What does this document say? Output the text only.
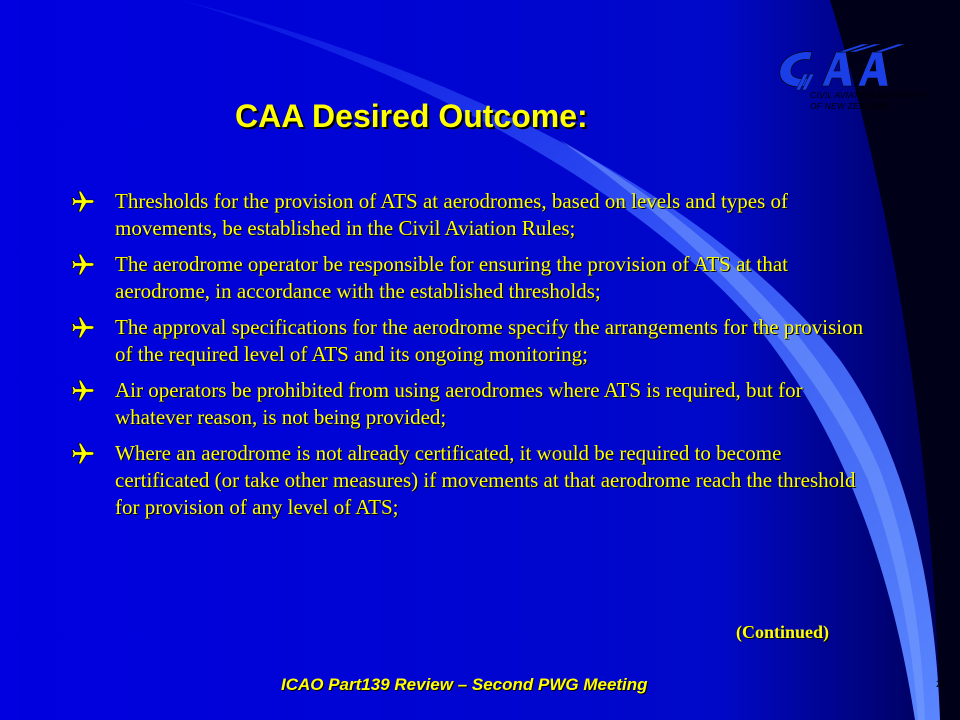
CIVIL AVIATION AUTHORITY
OF NEW ZEALAND
CAA Desired Outcome:
Thresholds for the provision of ATS at aerodromes, based on levels and types of movements, be established in the Civil Aviation Rules;
The aerodrome operator be responsible for ensuring the provision of ATS at that aerodrome, in accordance with the established thresholds;
The approval specifications for the aerodrome specify the arrangements for the provision of the required level of ATS and its ongoing monitoring;
Air operators be prohibited from using aerodromes where ATS is required, but for whatever reason, is not being provided;
Where an aerodrome is not already certificated, it would be required to become certificated (or take other measures) if movements at that aerodrome reach the threshold for provision of any level of ATS;
(Continued)
ICAO Part139 Review – Second PWG Meeting	21
